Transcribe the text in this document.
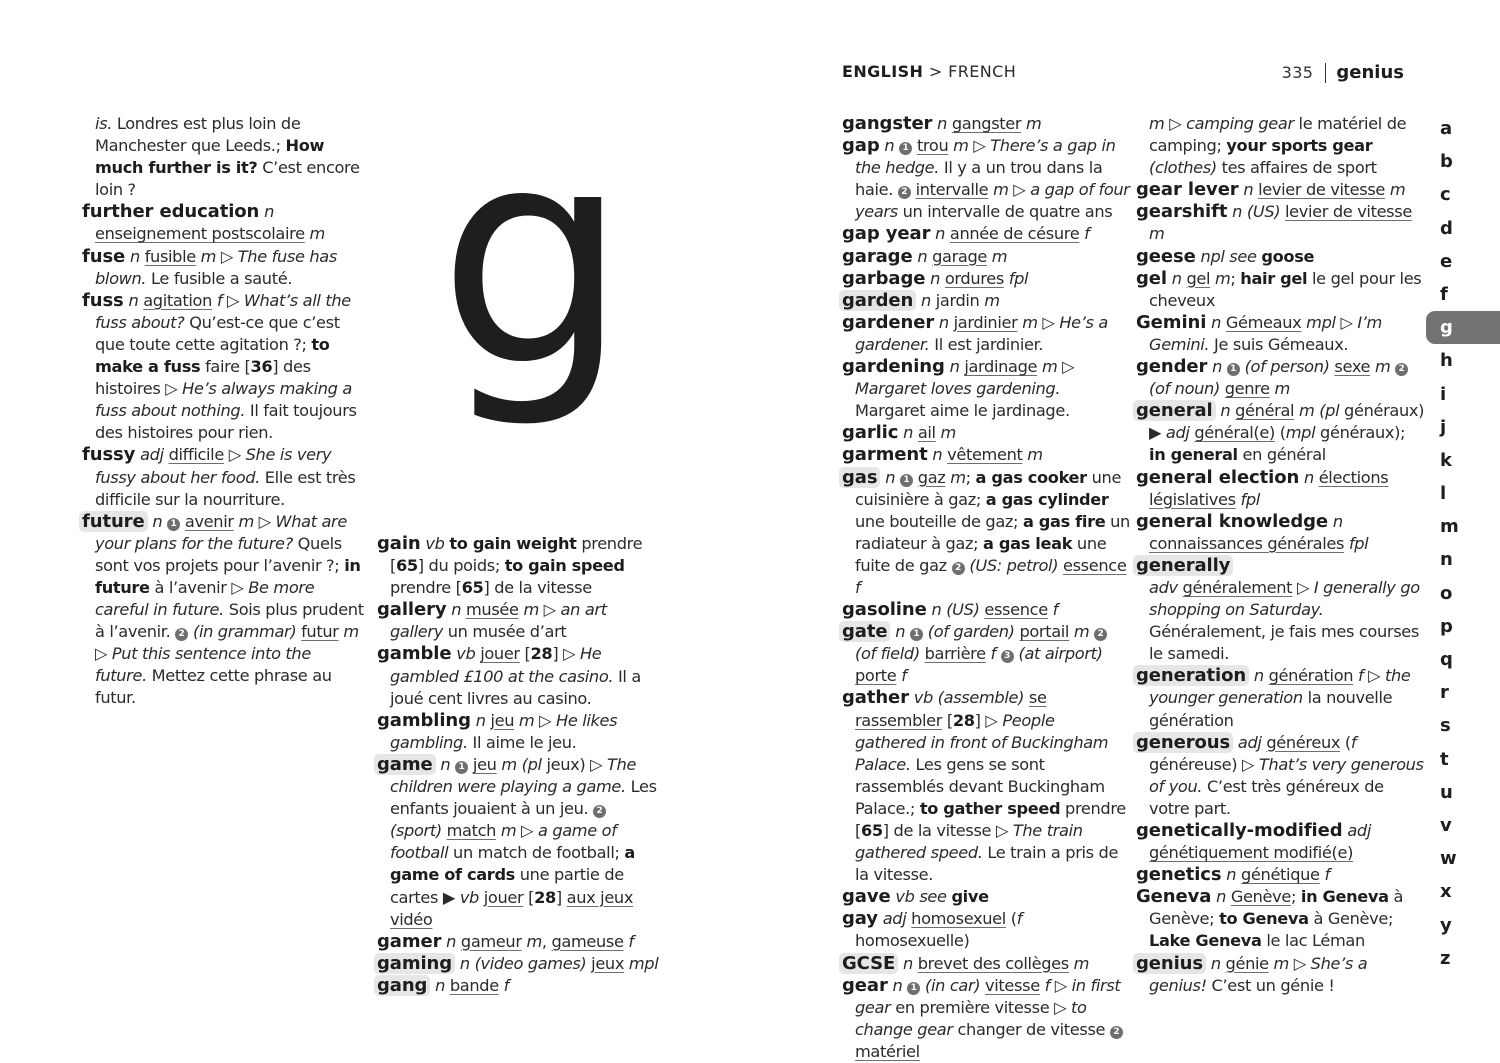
is. Londres est plus loin de Manchester que Leeds.; How much further is it? C’est encore loin ?

further education n enseignement postscolaire m

fuse n fusible m ▷ The fuse has blown. Le fusible a sauté.

fuss n agitation f ▷ What’s all the fuss about? Qu’est-ce que c’est que toute cette agitation ?; to make a fuss faire [36] des histoires ▷ He’s always making a fuss about nothing. Il fait toujours des histoires pour rien.

fussy adj difficile ▷ She is very fussy about her food. Elle est très difficile sur la nourriture.

future n 1 avenir m ▷ What are your plans for the future? Quels sont vos projets pour l’avenir ?; in future à l’avenir ▷ Be more careful in future. Sois plus prudent à l’avenir. 2 (in grammar) futur m ▷ Put this sentence into the future. Mettez cette phrase au futur.

g

gain vb to gain weight prendre [65] du poids; to gain speed prendre [65] de la vitesse

gallery n musée m ▷ an art gallery un musée d’art

gamble vb jouer [28] ▷ He gambled £100 at the casino. Il a joué cent livres au casino.

gambling n jeu m ▷ He likes gambling. Il aime le jeu.

game n 1 jeu m (pl jeux) ▷ The children were playing a game. Les enfants jouaient à un jeu. 2 (sport) match m ▷ a game of football un match de football; a game of cards une partie de cartes ▶ vb jouer [28] aux jeux vidéo

gamer n gameur m, gameuse f

gaming n (video games) jeux mpl

gang n bande f

ENGLISH > FRENCH	335 genius

gangster n gangster m

gap n 1 trou m ▷ There’s a gap in the hedge. Il y a un trou dans la haie. 2 intervalle m ▷ a gap of four years un intervalle de quatre ans

gap year n année de césure f

garage n garage m

garbage n ordures fpl

garden n jardin m

gardener n jardinier m ▷ He’s a gardener. Il est jardinier.

gardening n jardinage m ▷ Margaret loves gardening. Margaret aime le jardinage.

garlic n ail m

garment n vêtement m

gas n 1 gaz m; a gas cooker une cuisinière à gaz; a gas cylinder une bouteille de gaz; a gas fire un radiateur à gaz; a gas leak une fuite de gaz 2 (US: petrol) essence f

gasoline n (US) essence f

gate n 1 (of garden) portail m 2 (of field) barrière f 3 (at airport) porte f

gather vb (assemble) se rassembler [28] ▷ People gathered in front of Buckingham Palace. Les gens se sont rassemblés devant Buckingham Palace.; to gather speed prendre [65] de la vitesse ▷ The train gathered speed. Le train a pris de la vitesse.

gave vb see give

gay adj homosexuel (f homosexuelle)

GCSE n brevet des collèges m

gear n 1 (in car) vitesse f ▷ in first gear en première vitesse ▷ to change gear changer de vitesse 2 matériel

m ▷ camping gear le matériel de camping; your sports gear (clothes) tes affaires de sport

gear lever n levier de vitesse m

gearshift n (US) levier de vitesse m

geese npl see goose

gel n gel m; hair gel le gel pour les cheveux

Gemini n Gémeaux mpl ▷ I’m Gemini. Je suis Gémeaux.

gender n 1 (of person) sexe m 2 (of noun) genre m

general n général m (pl généraux) ▶ adj général(e) (mpl généraux); in general en général

general election n élections législatives fpl

general knowledge n connaissances générales fpl

generally
adv généralement ▷ I generally go shopping on Saturday. Généralement, je fais mes courses le samedi.

generation n génération f ▷ the younger generation la nouvelle génération

generous adj généreux (f généreuse) ▷ That’s very generous of you. C’est très généreux de votre part.

genetically-modified adj génétiquement modifié(e)

genetics n génétique f

Geneva n Genève; in Geneva à Genève; to Geneva à Genève; Lake Geneva le lac Léman

genius n génie m ▷ She’s a genius! C’est un génie !

a
b
c
d
e
f
g
h
i
j
k
l
m
n
o
p
q
r
s
t
u
v
w
x
y
z
